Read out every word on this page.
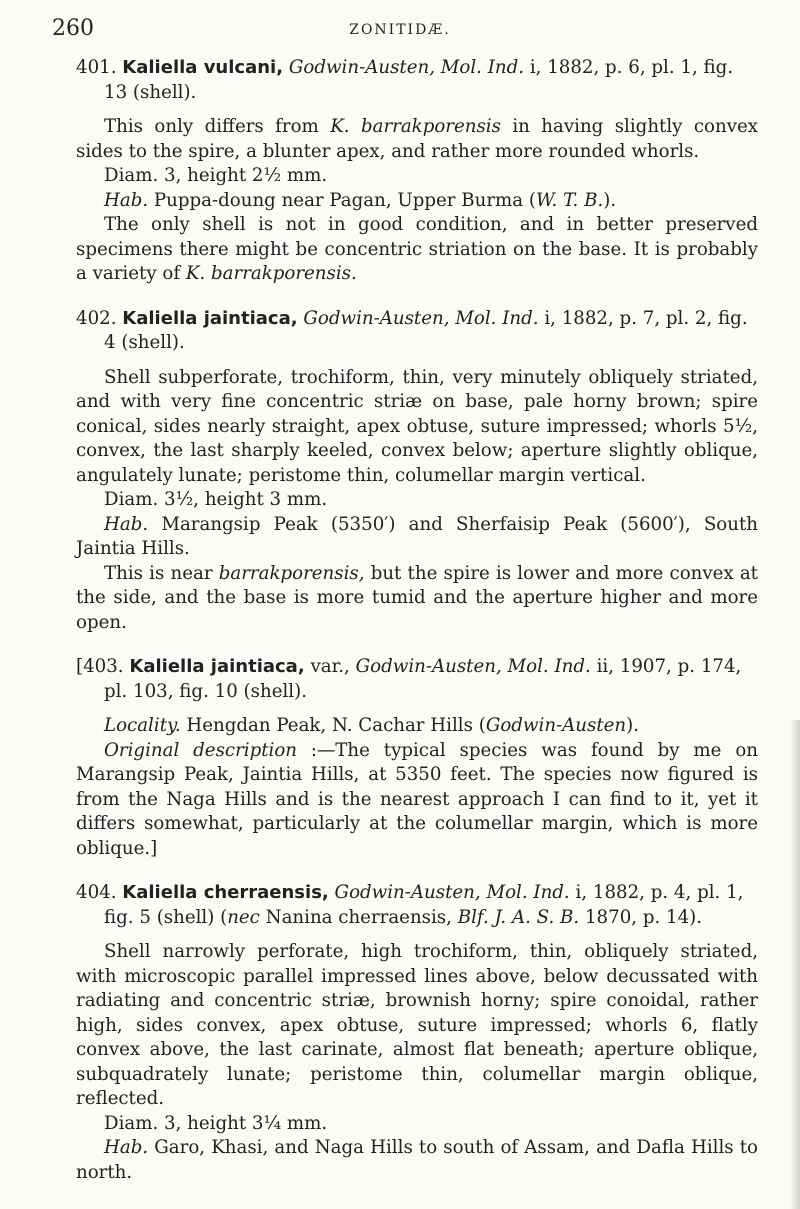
260	ZONITIDÆ.

401. Kaliella vulcani, Godwin-Austen, Mol. Ind. i, 1882, p. 6, pl. 1, fig. 13 (shell).

This only differs from K. barrakporensis in having slightly convex sides to the spire, a blunter apex, and rather more rounded whorls.

Diam. 3, height 2½ mm.

Hab. Puppa-doung near Pagan, Upper Burma (W. T. B.).

The only shell is not in good condition, and in better preserved specimens there might be concentric striation on the base. It is probably a variety of K. barrakporensis.

402. Kaliella jaintiaca, Godwin-Austen, Mol. Ind. i, 1882, p. 7, pl. 2, fig. 4 (shell).

Shell subperforate, trochiform, thin, very minutely obliquely striated, and with very fine concentric striæ on base, pale horny brown; spire conical, sides nearly straight, apex obtuse, suture impressed; whorls 5½, convex, the last sharply keeled, convex below; aperture slightly oblique, angulately lunate; peristome thin, columellar margin vertical.

Diam. 3½, height 3 mm.

Hab. Marangsip Peak (5350′) and Sherfaisip Peak (5600′), South Jaintia Hills.

This is near barrakporensis, but the spire is lower and more convex at the side, and the base is more tumid and the aperture higher and more open.

[403. Kaliella jaintiaca, var., Godwin-Austen, Mol. Ind. ii, 1907, p. 174, pl. 103, fig. 10 (shell).

Locality. Hengdan Peak, N. Cachar Hills (Godwin-Austen).

Original description :—The typical species was found by me on Marangsip Peak, Jaintia Hills, at 5350 feet. The species now figured is from the Naga Hills and is the nearest approach I can find to it, yet it differs somewhat, particularly at the columellar margin, which is more oblique.]

404. Kaliella cherraensis, Godwin-Austen, Mol. Ind. i, 1882, p. 4, pl. 1, fig. 5 (shell) (nec Nanina cherraensis, Blf. J. A. S. B. 1870, p. 14).

Shell narrowly perforate, high trochiform, thin, obliquely striated, with microscopic parallel impressed lines above, below decussated with radiating and concentric striæ, brownish horny; spire conoidal, rather high, sides convex, apex obtuse, suture impressed; whorls 6, flatly convex above, the last carinate, almost flat beneath; aperture oblique, subquadrately lunate; peristome thin, columellar margin oblique, reflected.

Diam. 3, height 3¼ mm.

Hab. Garo, Khasi, and Naga Hills to south of Assam, and Dafla Hills to north.
